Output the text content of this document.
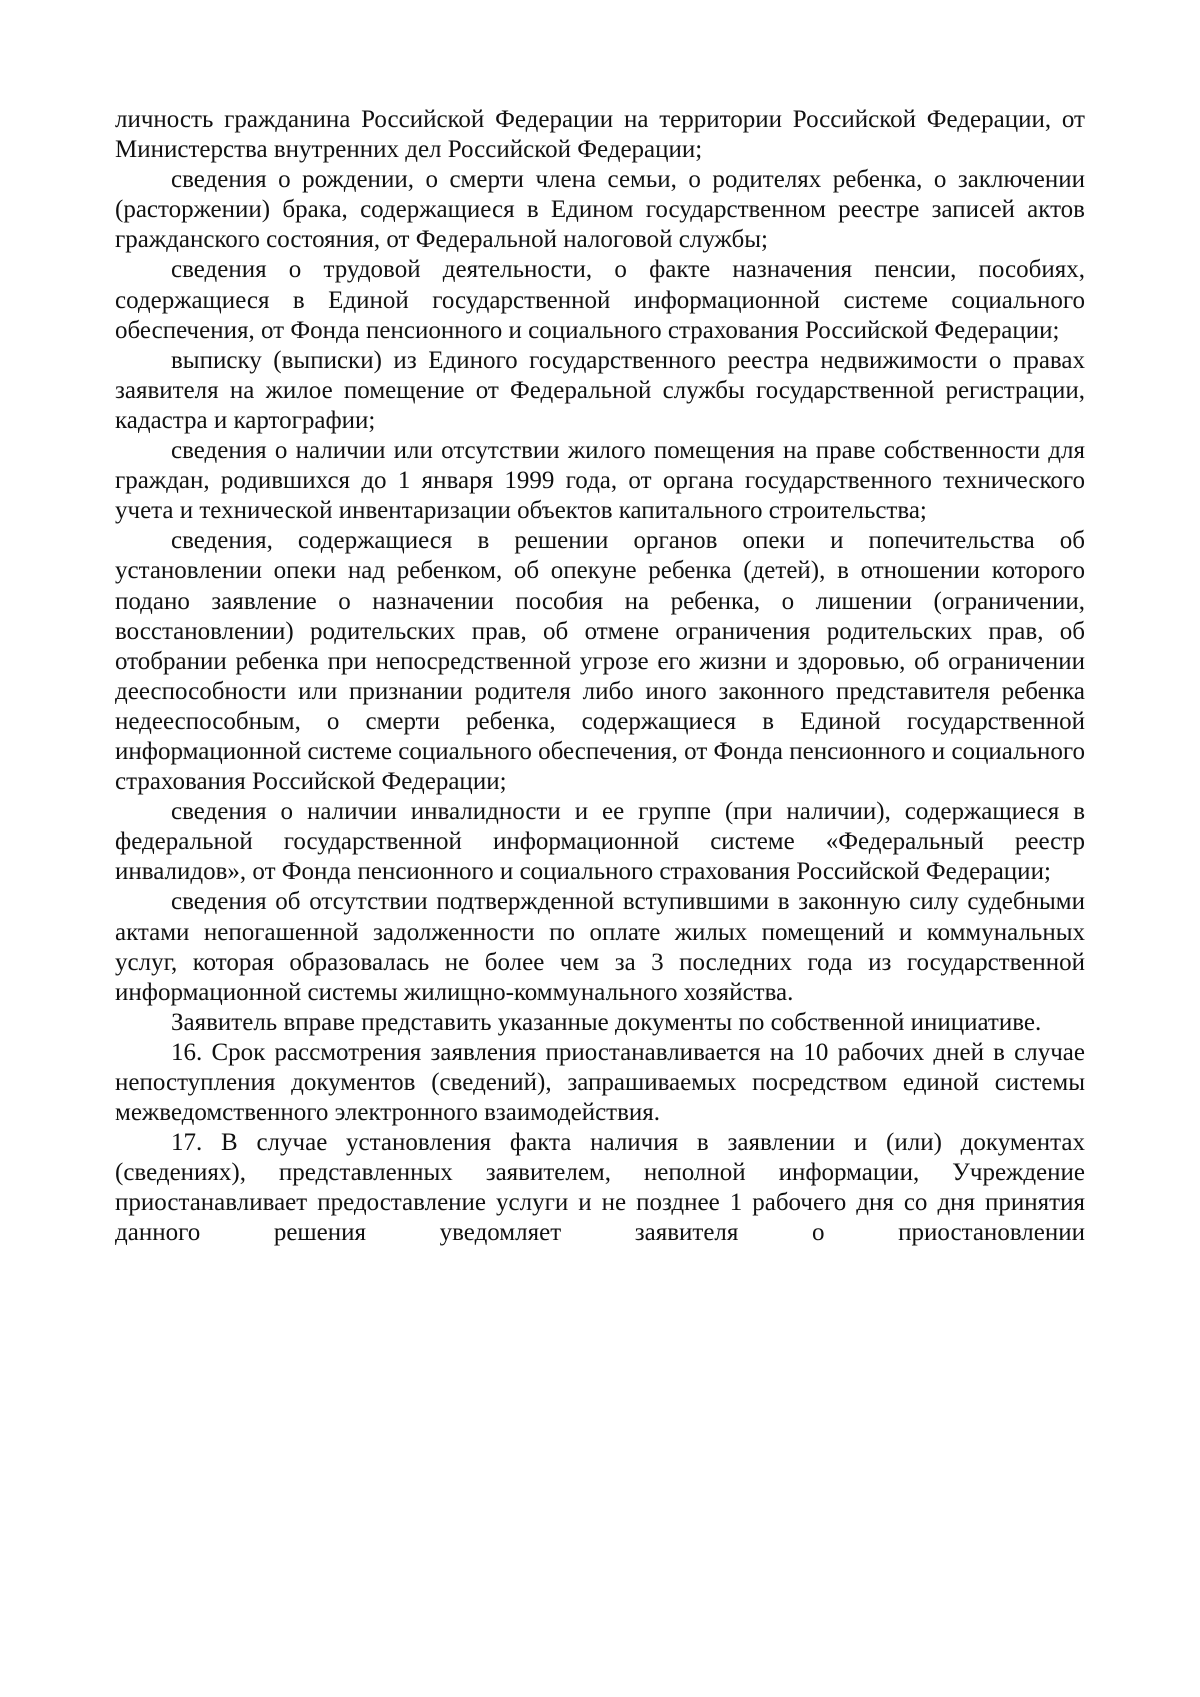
личность гражданина Российской Федерации на территории Российской Федерации, от Министерства внутренних дел Российской Федерации;

сведения о рождении, о смерти члена семьи, о родителях ребенка, о заключении (расторжении) брака, содержащиеся в Едином государственном реестре записей актов гражданского состояния, от Федеральной налоговой службы;

сведения о трудовой деятельности, о факте назначения пенсии, пособиях, содержащиеся в Единой государственной информационной системе социального обеспечения, от Фонда пенсионного и социального страхования Российской Федерации;

выписку (выписки) из Единого государственного реестра недвижимости о правах заявителя на жилое помещение от Федеральной службы государственной регистрации, кадастра и картографии;

сведения о наличии или отсутствии жилого помещения на праве собственности для граждан, родившихся до 1 января 1999 года, от органа государственного технического учета и технической инвентаризации объектов капитального строительства;

сведения, содержащиеся в решении органов опеки и попечительства об установлении опеки над ребенком, об опекуне ребенка (детей), в отношении которого подано заявление о назначении пособия на ребенка, о лишении (ограничении, восстановлении) родительских прав, об отмене ограничения родительских прав, об отобрании ребенка при непосредственной угрозе его жизни и здоровью, об ограничении дееспособности или признании родителя либо иного законного представителя ребенка недееспособным, о смерти ребенка, содержащиеся в Единой государственной информационной системе социального обеспечения, от Фонда пенсионного и социального страхования Российской Федерации;

сведения о наличии инвалидности и ее группе (при наличии), содержащиеся в федеральной государственной информационной системе «Федеральный реестр инвалидов», от Фонда пенсионного и социального страхования Российской Федерации;

сведения об отсутствии подтвержденной вступившими в законную силу судебными актами непогашенной задолженности по оплате жилых помещений и коммунальных услуг, которая образовалась не более чем за 3 последних года из государственной информационной системы жилищно-коммунального хозяйства.

Заявитель вправе представить указанные документы по собственной инициативе.

16. Срок рассмотрения заявления приостанавливается на 10 рабочих дней в случае непоступления документов (сведений), запрашиваемых посредством единой системы межведомственного электронного взаимодействия.

17. В случае установления факта наличия в заявлении и (или) документах (сведениях), представленных заявителем, неполной информации, Учреждение приостанавливает предоставление услуги и не позднее 1 рабочего дня со дня принятия данного решения уведомляет заявителя о приостановлении
